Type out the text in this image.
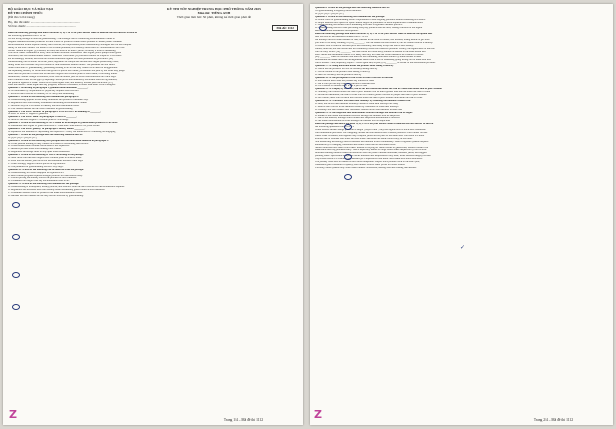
BỘ GIÁO DỤC VÀ ĐÀO TẠO
ĐỀ THI CHÍNH THỨC
(Đề thi có 04 trang)
Họ, tên thí sinh: ..........................................................
Số báo danh: ..........................................................
KỲ THI TỐT NGHIỆP TRUNG HỌC PHỔ THÔNG NĂM 2025
Môn thi: TIẾNG ANH
Thời gian làm bài: 50 phút, không kể thời gian phát đề
Mã đề: 1112
Read the following passage and mark the letter A, B, C or D on your answer sheet to indicate the best answer to each of
the following questions from 1 to 10.
We are living through a boom in greenwashing – the strategic use of comforting environmental claims to
disguise business-as-usual pollution. Picture a shelf of products whose labels promise a cleaner planet. Genuine
decarbonisation would require brutally hard choices, but corporations prefer sustainability strategies that fill the complex
reality of the firm's model. For easier to fix in some pollutant, eco-friendly labels such as 'carbon-neutral' and 'low-
carbon' remain in vogue. [I] Concern, in truth, and even at its most cynical, is mostly a form of marketing.
This tactic meets consumers at every turn. Airlines advertise 'sustainable' fuel flights, petrol pumps boast green
forecourts, and fast fashion houses launch 'conscious' collections. [II] Investors should be sceptical: ESG labels
are increasingly flexible, and even the wildest emissions figures are often presented as good news. [III]
Greenwashing can be subtle. In recent years, regulators in Europe and Britain have begun prosecuting cases,
fining firms that overstate recycled content or hide emissions behind offsets. The penalties are still small.
Some firms shift to 'greenhushing', publishing nothing at all so that they cannot be accused of exaggeration.
An expanding industry of verification has grown to police the claims, yet auditors are paid by the firms they judge.
More than 60 percent of firms that set net-zero targets lack credible plans to reach them, a watchdog found.
Meanwhile, climate change accelerates; 2024 was the hottest year on record and emissions hit a new high.
Rich countries could fill the gap by imposing carbon prices and mandatory disclosure rules on big emitters,
but political appetite is weak. Voters recoil from higher bills, and industry lobbies push back hard. [IV]
Does this matter? Some argue that any progress, however overstated, is better than none. Critics disagree.
Question 1. According to paragraph 1, genuine decarbonisation ________.
A. is overlooked by corporations B. physically requires less involved
C. involves hard choices for industry D. is costly and demanding
Question 2. Which of the following best summarises paragraph 2?
A. Greenwashing appears across many industries and products consumers buy.
B. Regulators have successfully eliminated misleading environmental claims.
C. Investors rely on ESG labels to identify the most sustainable firms.
D. Fast fashion houses are the worst offenders in greenwashing.
Question 3. The word 'flexible' in paragraph 2 is OPPOSITE in meaning to ________.
A. strict B. loose C. vague D. generous
Question 4. The word 'them' in paragraph 3 refers to ________.
A. firms B. net-zero targets C. credible plans D. watchdogs
Question 5. Which of the following is NOT stated as an example of greenwashed products or services?
A. sustainable fuel flights B. green forecourts C. conscious collections D. recycled bottles
Question 6. The word 'gloomy' in paragraph 3 mostly means ________.
A. expensive but essential B. depressing but expected C. costly but ineffective D. confusing but engaging
Question 7. Where in the passage does the following sentence best fit?
A. [I] B. [II] C. [III] D. [IV]
Question 8. Which of the following best paraphrases the underlined sentence in paragraph 3?
A. Firms publish nothing so they cannot be accused of overstating their efforts.
B. Firms remain silent because verification is too expensive.
C. Auditors prevent firms from making false claims.
D. Regulators encourage firms to stay quiet about emissions.
Question 9. Which of the following is TRUE according to the passage?
A. Most firms with net-zero targets have credible plans to achieve them.
B. 2024 was the hottest year on record and emissions reached a new high.
C. Voters strongly support carbon prices on big emitters.
D. The penalties for greenwashing are now very large.
Question 10. Which of the following can be inferred from the passage?
A. Greenwashing will soon disappear as regulators act.
B. Real climate progress requires stronger political will than exists today.
C. Carbon pricing has already solved the problem in rich countries.
D. Consumers no longer trust any environmental label at all.
Question 11. Which of the following best summarises the passage?
A. Greenwashing is widespread, weakly policed, and distracts from the hard choices real decarbonisation requires.
B. Regulators and investors have successfully ended misleading green claims across industries.
C. Consumers should avoid all products that make environmental claims.
D. Airlines and fast fashion are the only sectors affected by greenwashing.
Trang 1/4 – Mã đề thi 1112
Z
Question 8. Where in the passage does the following sentence best fit?
Yet greenwashing is arguably more insidious.
A. [I] B. [II] C. [III] D. [IV]
Question 9. Which of the following best summarises the passage?
A. A new wave of greenwashing allows corporations to hide ongoing pollution behind reassuring eco-labels.
B. Major emitters have opted for open climate targets in preference to more sophisticated communication.
C. Greenwashing has turned from a marketing trick into a regulated business practice.
D. Greenwashing has now been pervading everyday products and services, raising concerns of the urgent
need to maintain sustainable development.
Read the following passage and mark the letter A, B, C or D on your answer sheet to indicate the option that
best fits each of the numbered blanks from 17 to 18.
All holidays involve some element of risk, whether in the form of illness, bad weather, losing unable to get what
you want if we delay booking, or (18) ________. We can assess risk and reduce it, but we cannot remove it entirely.
Travellers face a trade-off between price and flexibility, and many accept the risk to save money.
Others, however, are risk averse and will studiously avoid risk wherever possible. Clearly, the significance of the risk
will be a key factor. (19) ________ The risk averse will book early, should be insured to the same extent and
have visited the destination before. It is likely that they will take out travel insurance as a matter of course.
(20) ________ There is evidence that much of the continuing reluctance shown by some tourists to seek
information and make their own arrangements stems from a fear of something going wrong. All of these deal well
with a trusted – and, hopefully, expert – travel agent and, in part, (21) ________ in favour of the information provider.
Question 17. A. being uncertain about the product until seeing it directly
B. which are the products we will be certainly seeing directly
C. can be certain of the product until seeing it directly
D. until we certainly see the products directly
Question 18. A. the perception of risk is not in itself a barrier to tourism
B. and tourism itself does not present any barriers or risks
C. but it's not proved any risks and barriers to tourism here
D. it's a barrier of tourism itself is not a part of risk
Question 19. A. People, by contrast, will be far less concerned about the risk of crime than about that of poor weather
B. Similarly, the concern about the risk of poor weather will be much greater than the one about the risk of crime
C. As earlier mentioned, the risk of crime will be of much greater concern to people than that of poor weather
D. As a result, there will be much less concern about the risk of poor weather than about the risk of crime
Question 20. A. Travellers will book their holidays by choosing the methods without risk
B. Also, the factors and methods seriously choose to book their holidays are risky
C. Risk is also a factor in the methods chosen by customers to book their holidays
D. Holidays are also booked after customers choose factors and methods without risk
Question 21. A. the suspicion that information received through the Internet will be bogus
B. thanks to the biased information received through the Internet with no suspicion
C. due to the Internet, through which biased and suspicious information is received
D. the biased information received through the Internet will be suspicious
Read the passage and mark the letter A, B, C or D on your answer sheet to indicate the best answer to each of
the following questions from 19 to 23.
When several farmers merge plots into a single "project farm", they use digital tools to track field conditions
with remarkable precision. GPS mapping, drones and soil sensors feed a shared platform. Each farmer can see
where water is needed, and together they compare yields across plots of the same data. The result is a more
efficient use of fertiliser and water and less waste. Decisions are made collectively, in real time.
Soil monitoring technology detects moisture and nutrient levels continuously. Smart irrigation systems respond
automatically to changing conditions and reduce water use on individual fields.
Sensor networks have been critical here. Instead of relying on visual checks or guesswork, farmers consult live
dashboards that flag problems early. This is especially useful for large farms where inspection by foot is slow.
Machine learning models trained on historical data can predict disease outbreaks, estimate yields, and suggest
planting dates. Specialised equipment tracks moisture and temperature every hour, while satellite imagery reveals
crop stress before it is visible to the human eye. Cooperatives that share costs make such tools affordable.
The journey from field to market is now more transparent. Buyers trace produce back to the exact plot,
consumers gain confidence in quality, and farmers receive fairer prices for better results.
Crucially, these systems only work when farmers collaborate, sharing data and trusting one another.
Trang 2/4 – Mã đề thi 1112
Z
✓
